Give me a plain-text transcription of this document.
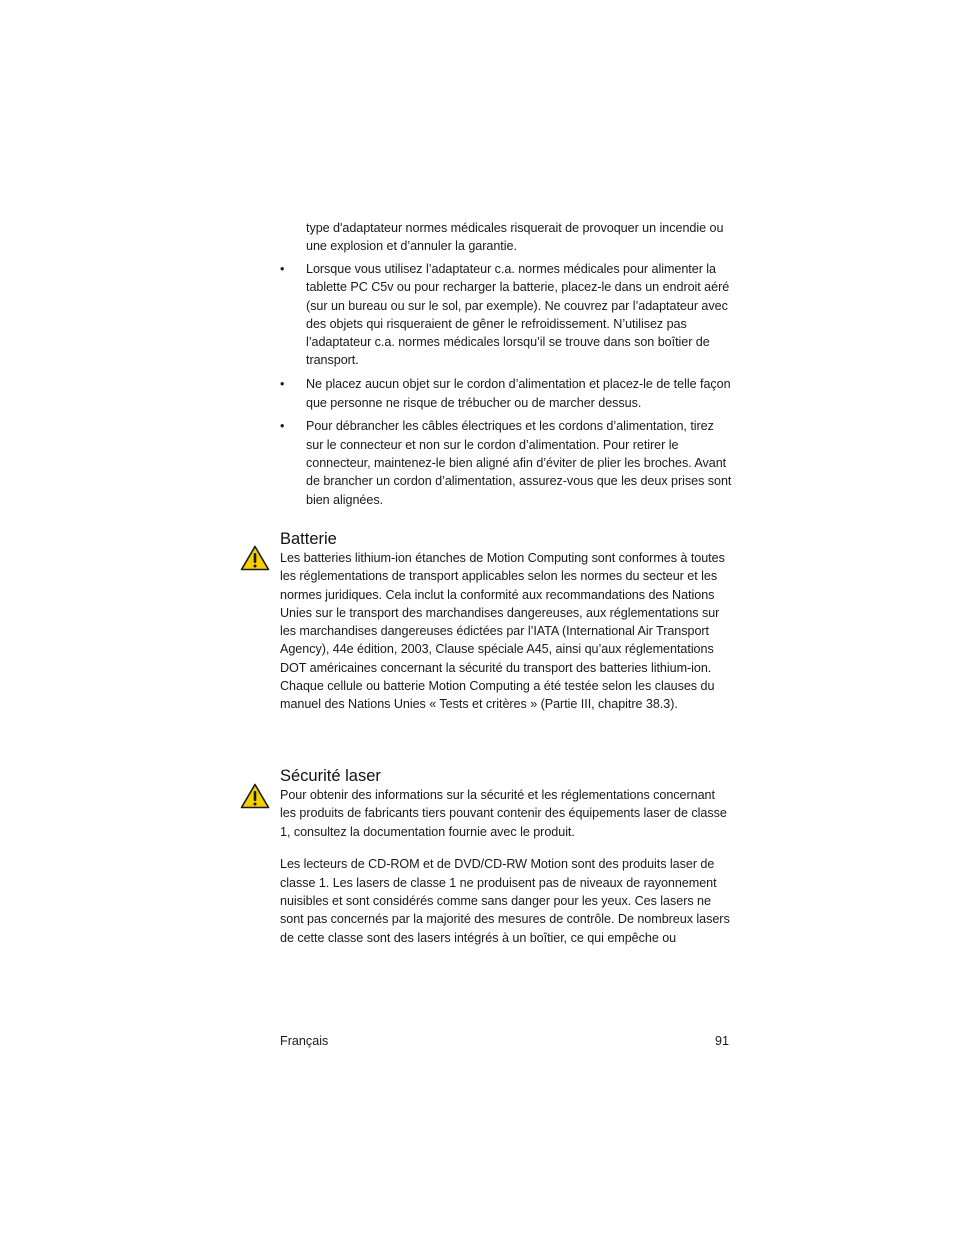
type d'adaptateur normes médicales risquerait de provoquer un incendie ou une explosion et d’annuler la garantie.

• Lorsque vous utilisez l’adaptateur c.a. normes médicales pour alimenter la tablette PC C5v ou pour recharger la batterie, placez-le dans un endroit aéré (sur un bureau ou sur le sol, par exemple). Ne couvrez par l’adaptateur avec des objets qui risqueraient de gêner le refroidissement. N’utilisez pas l’adaptateur c.a. normes médicales lorsqu’il se trouve dans son boîtier de transport.
• Ne placez aucun objet sur le cordon d’alimentation et placez-le de telle façon que personne ne risque de trébucher ou de marcher dessus.
• Pour débrancher les câbles électriques et les cordons d’alimentation, tirez sur le connecteur et non sur le cordon d’alimentation. Pour retirer le connecteur, maintenez-le bien aligné afin d’éviter de plier les broches. Avant de brancher un cordon d’alimentation, assurez-vous que les deux prises sont bien alignées.
Batterie

Les batteries lithium-ion étanches de Motion Computing sont conformes à toutes les réglementations de transport applicables selon les normes du secteur et les normes juridiques. Cela inclut la conformité aux recommandations des Nations Unies sur le transport des marchandises dangereuses, aux réglementations sur les marchandises dangereuses édictées par l’IATA (International Air Transport Agency), 44e édition, 2003, Clause spéciale A45, ainsi qu’aux réglementations DOT américaines concernant la sécurité du transport des batteries lithium-ion. Chaque cellule ou batterie Motion Computing a été testée selon les clauses du manuel des Nations Unies « Tests et critères » (Partie III, chapitre 38.3).

Sécurité laser

Pour obtenir des informations sur la sécurité et les réglementations concernant les produits de fabricants tiers pouvant contenir des équipements laser de classe 1, consultez la documentation fournie avec le produit.

Les lecteurs de CD-ROM et de DVD/CD-RW Motion sont des produits laser de classe 1. Les lasers de classe 1 ne produisent pas de niveaux de rayonnement nuisibles et sont considérés comme sans danger pour les yeux. Ces lasers ne sont pas concernés par la majorité des mesures de contrôle. De nombreux lasers de cette classe sont des lasers intégrés à un boîtier, ce qui empêche ou

Français	91
